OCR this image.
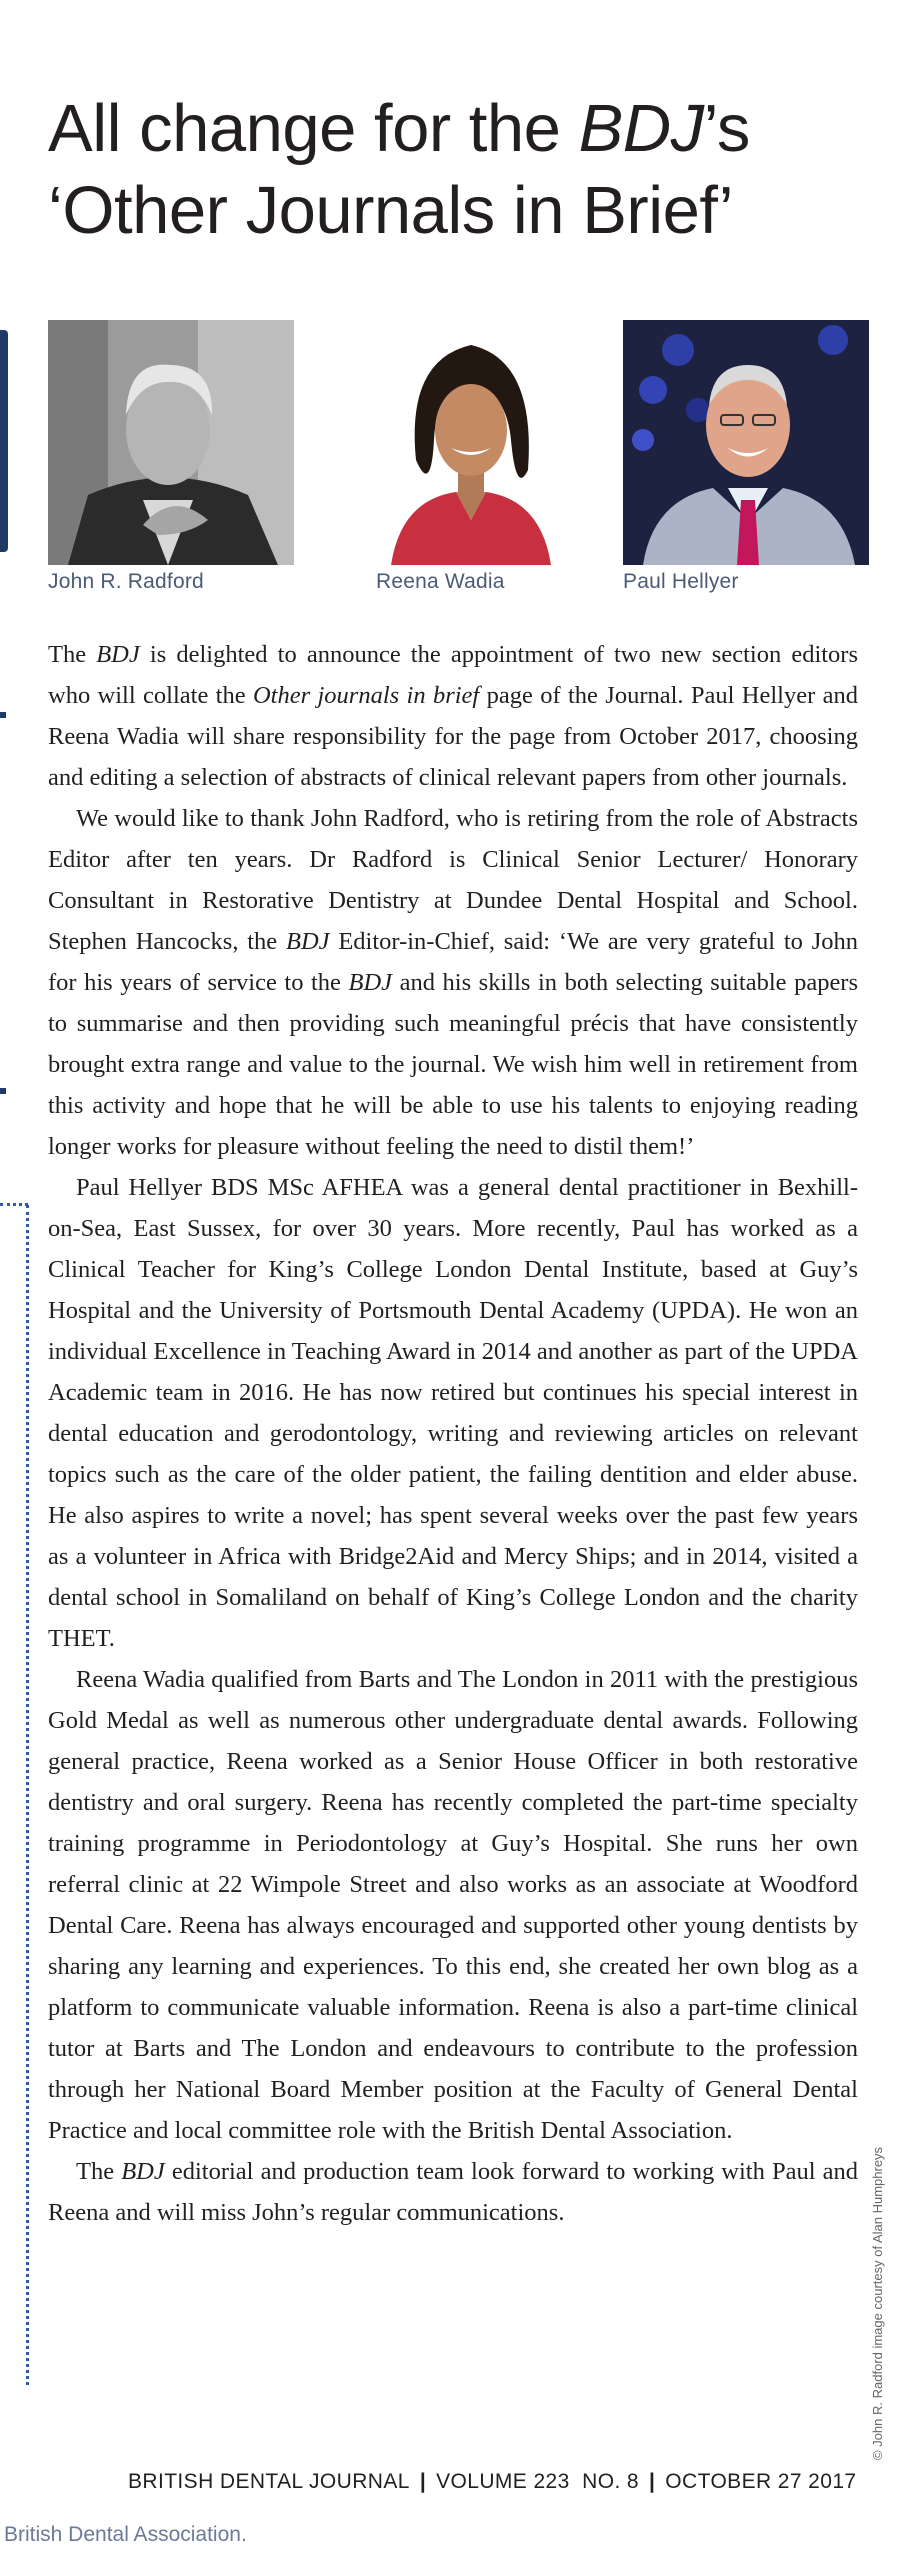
All change for the BDJ’s
‘Other Journals in Brief’
John R. Radford	Reena Wadia	Paul Hellyer

The BDJ is delighted to announce the appointment of two new section editors who will collate the Other journals in brief page of the Journal. Paul Hellyer and Reena Wadia will share responsibility for the page from October 2017, choosing and editing a selection of abstracts of clinical relevant papers from other journals.

We would like to thank John Radford, who is retiring from the role of Abstracts Editor after ten years. Dr Radford is Clinical Senior Lecturer/ Honorary Consultant in Restorative Dentistry at Dundee Dental Hospital and School. Stephen Hancocks, the BDJ Editor-in-Chief, said: ‘We are very grateful to John for his years of service to the BDJ and his skills in both selecting suitable papers to summarise and then providing such meaningful précis that have consistently brought extra range and value to the journal. We wish him well in retirement from this activity and hope that he will be able to use his talents to enjoying reading longer works for pleasure without feeling the need to distil them!’

Paul Hellyer BDS MSc AFHEA was a general dental practitioner in Bexhill-on-Sea, East Sussex, for over 30 years. More recently, Paul has worked as a Clinical Teacher for King’s College London Dental Institute, based at Guy’s Hospital and the University of Portsmouth Dental Academy (UPDA). He won an individual Excellence in Teaching Award in 2014 and another as part of the UPDA Academic team in 2016. He has now retired but continues his special interest in dental education and gerodontology, writing and reviewing articles on relevant topics such as the care of the older patient, the failing dentition and elder abuse. He also aspires to write a novel; has spent several weeks over the past few years as a volunteer in Africa with Bridge2Aid and Mercy Ships; and in 2014, visited a dental school in Somaliland on behalf of King’s College London and the charity THET.

Reena Wadia qualified from Barts and The London in 2011 with the prestigious Gold Medal as well as numerous other undergraduate dental awards. Following general practice, Reena worked as a Senior House Officer in both restorative dentistry and oral surgery. Reena has recently completed the part-time specialty training programme in Periodontology at Guy’s Hospital. She runs her own referral clinic at 22 Wimpole Street and also works as an associate at Woodford Dental Care. Reena has always encouraged and supported other young dentists by sharing any learning and experiences. To this end, she created her own blog as a platform to communicate valuable information. Reena is also a part-time clinical tutor at Barts and The London and endeavours to contribute to the profession through her National Board Member position at the Faculty of General Dental Practice and local committee role with the British Dental Association.

The BDJ editorial and production team look forward to working with Paul and Reena and will miss John’s regular communications.	© John R. Radford image courtesy of Alan Humphreys
BRITISH DENTAL JOURNAL | VOLUME 223  NO. 8 | OCTOBER 27 2017
British Dental Association.
